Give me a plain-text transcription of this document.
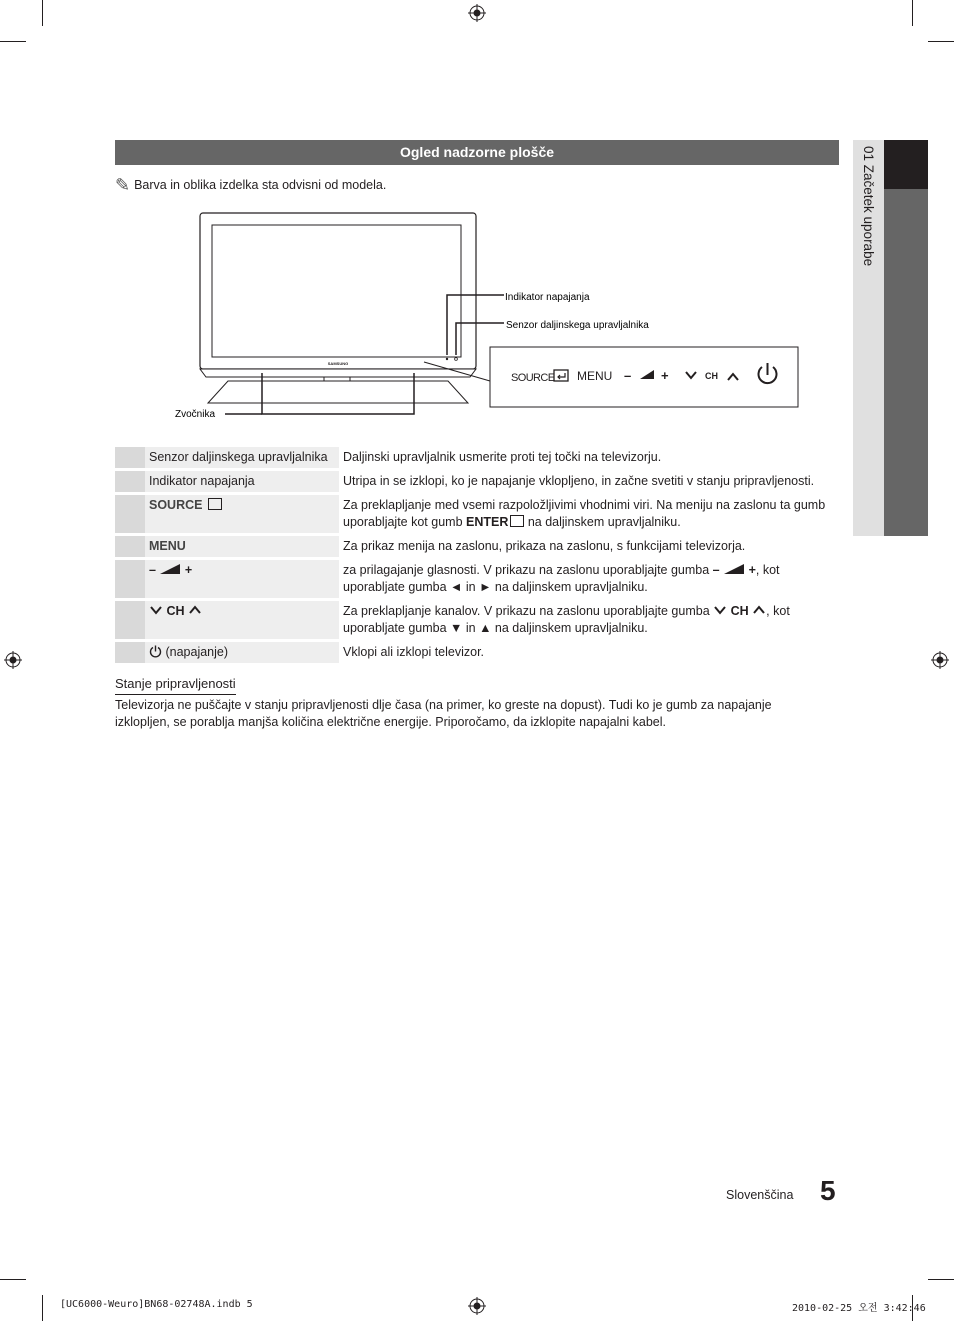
01 Začetek uporabe
Ogled nadzorne plošče
✎ Barva in oblika izdelka sta odvisni od modela.
SAMSUNG
Indikator napajanja
Senzor daljinskega upravljalnika
Zvočnika
SOURCE MENU – +	CH
	Senzor daljinskega upravljalnika	Daljinski upravljalnik usmerite proti tej točki na televizorju.
	Indikator napajanja	Utripa in se izklopi, ko je napajanje vklopljeno, in začne svetiti v stanju pripravljenosti.
	SOURCE	Za preklapljanje med vsemi razpoložljivimi vhodnimi viri. Na meniju na zaslonu ta gumb uporabljajte kot gumb ENTER na daljinskem upravljalniku.
	MENU	Za prikaz menija na zaslonu, prikaza na zaslonu, s funkcijami televizorja.
	– +	za prilagajanje glasnosti. V prikazu na zaslonu uporabljajte gumba – +, kot uporabljate gumba ◄ in ► na daljinskem upravljalniku.
	CH	Za preklapljanje kanalov. V prikazu na zaslonu uporabljajte gumba  CH , kot uporabljate gumba ▼ in ▲ na daljinskem upravljalniku.
	(napajanje)	Vklopi ali izklopi televizor.
Stanje pripravljenosti
Televizorja ne puščajte v stanju pripravljenosti dlje časa (na primer, ko greste na dopust). Tudi ko je gumb za napajanje izklopljen, se porablja manjša količina električne energije. Priporočamo, da izklopite napajalni kabel.
Slovenščina 5
[UC6000-Weuro]BN68-02748A.indb 5	2010-02-25 오전 3:42:46
